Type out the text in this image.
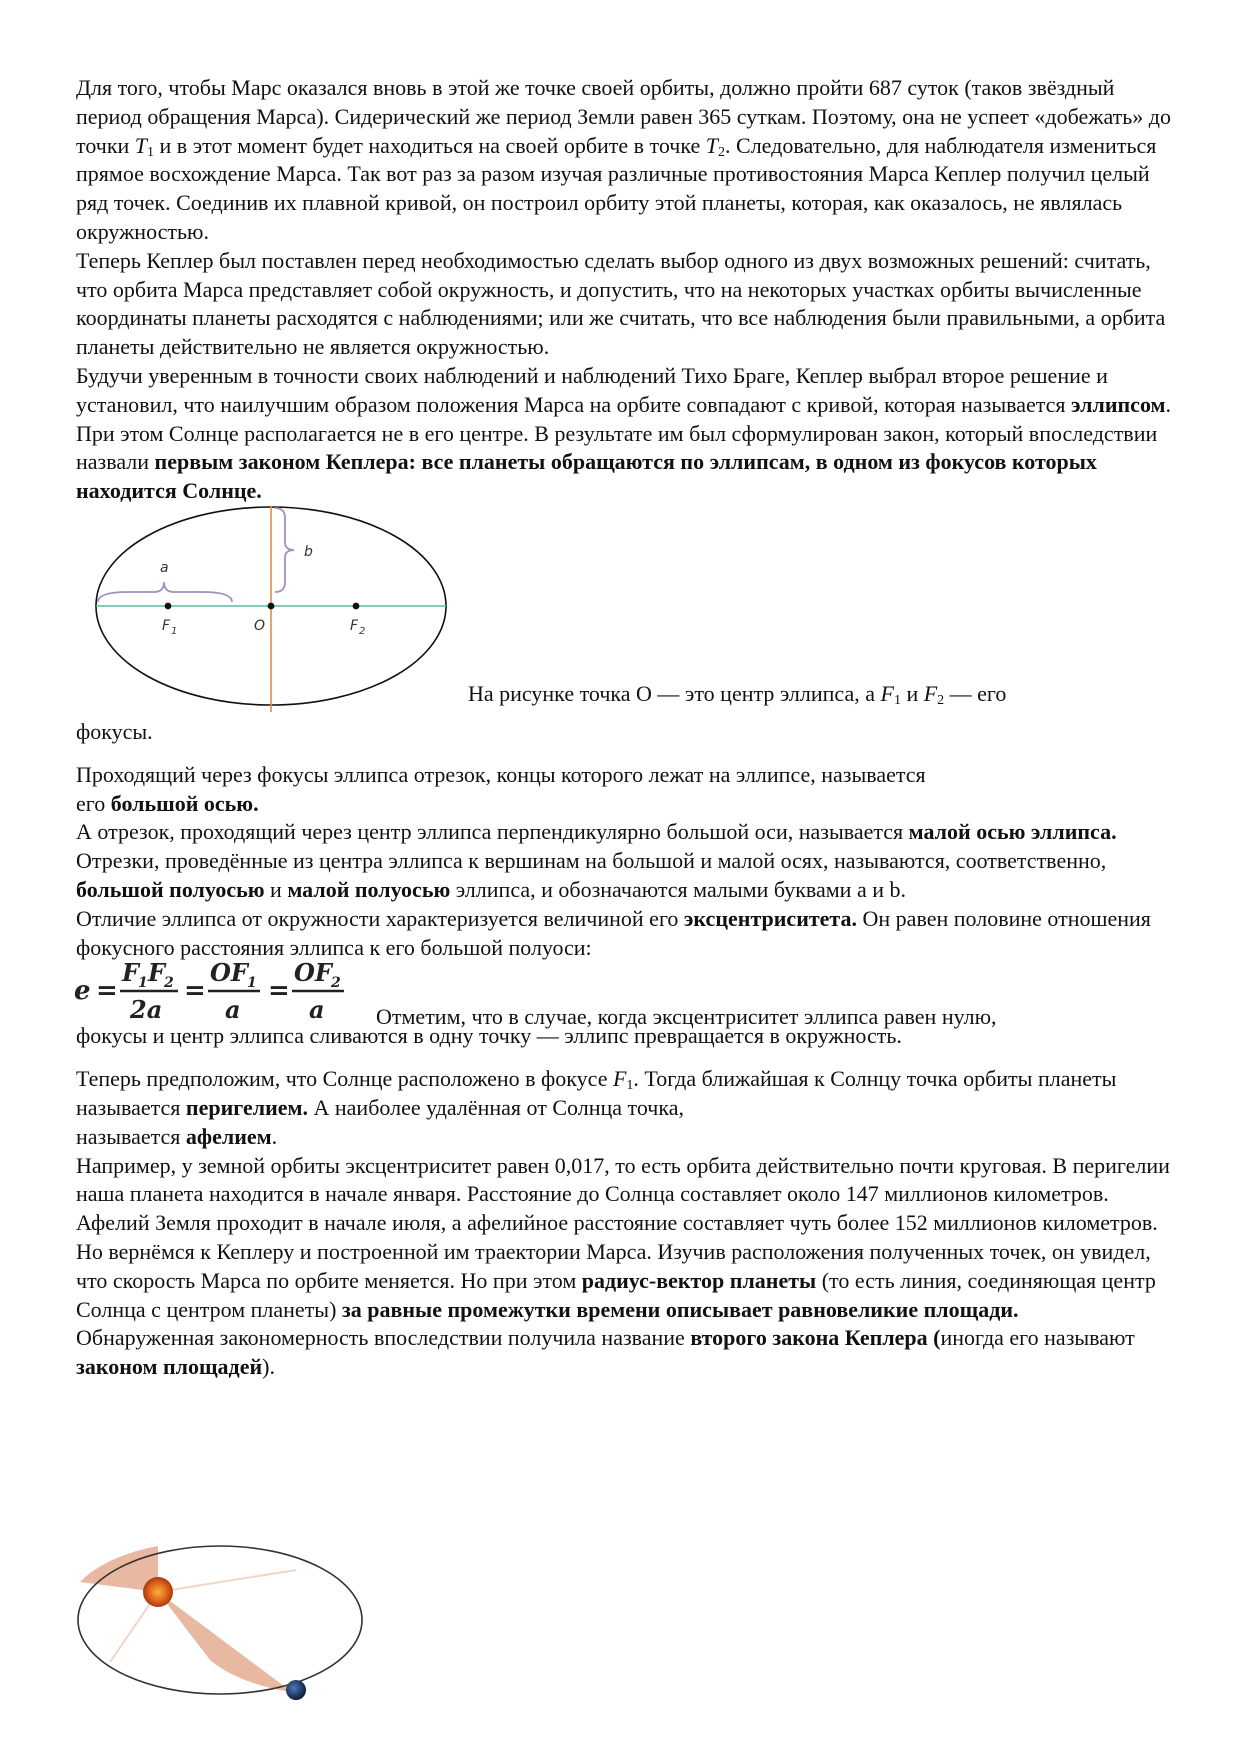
Для того, чтобы Марс оказался вновь в этой же точке своей орбиты, должно пройти 687 суток (таков звёздный период обращения Марса). Сидерический же период Земли равен 365 суткам. Поэтому, она не успеет «добежать» до точки $T_1$ и в этот момент будет находиться на своей орбите в точке $T_2$. Следовательно, для наблюдателя измениться прямое восхождение Марса. Так вот раз за разом изучая различные противостояния Марса Кеплер получил целый ряд точек. Соединив их плавной кривой, он построил орбиту этой планеты, которая, как оказалось, не являлась окружностью.

Теперь Кеплер был поставлен перед необходимостью сделать выбор одного из двух возможных решений: считать, что орбита Марса представляет собой окружность, и допустить, что на некоторых участках орбиты вычисленные координаты планеты расходятся с наблюдениями; или же считать, что все наблюдения были правильными, а орбита планеты действительно не является окружностью.

Будучи уверенным в точности своих наблюдений и наблюдений Тихо Браге, Кеплер выбрал второе решение и установил, что наилучшим образом положения Марса на орбите совпадают с кривой, которая называется эллипсом. При этом Солнце располагается не в его центре. В результате им был сформулирован закон, который впоследствии назвали первым законом Кеплера: все планеты обращаются по эллипсам, в одном из фокусов которых находится Солнце.

a
b
F 1	O	F 2
На рисунке точка О — это центр эллипса, а $F_1$ и $F_2$ — его

фокусы.

Проходящий через фокусы эллипса отрезок, концы которого лежат на эллипсе, называется
его большой осью.

А отрезок, проходящий через центр эллипса перпендикулярно большой оси, называется малой осью эллипса.

Отрезки, проведённые из центра эллипса к вершинам на большой и малой осях, называются, соответственно, большой полуосью и малой полуосью эллипса, и обозначаются малыми буквами a и b.

Отличие эллипса от окружности характеризуется величиной его эксцентриситета. Он равен половине отношения фокусного расстояния эллипса к его большой полуоси:

e =
F
1 F
2
2a
=
OF 1
a
=
OF 2
a Отметим, что в случае, когда эксцентриситет эллипса равен нулю,

фокусы и центр эллипса сливаются в одну точку — эллипс превращается в окружность.

Теперь предположим, что Солнце расположено в фокусе $F_1$. Тогда ближайшая к Солнцу точка орбиты планеты называется перигелием. А наиболее удалённая от Солнца точка,
называется афелием.

Например, у земной орбиты эксцентриситет равен 0,017, то есть орбита действительно почти круговая. В перигелии наша планета находится в начале января. Расстояние до Солнца составляет около 147 миллионов километров. Афелий Земля проходит в начале июля, а афелийное расстояние составляет чуть более 152 миллионов километров.

Но вернёмся к Кеплеру и построенной им траектории Марса. Изучив расположения полученных точек, он увидел, что скорость Марса по орбите меняется. Но при этом радиус-вектор планеты (то есть линия, соединяющая центр Солнца с центром планеты) за равные промежутки времени описывает равновеликие площади.

Обнаруженная закономерность впоследствии получила название второго закона Кеплера (иногда его называют законом площадей).
